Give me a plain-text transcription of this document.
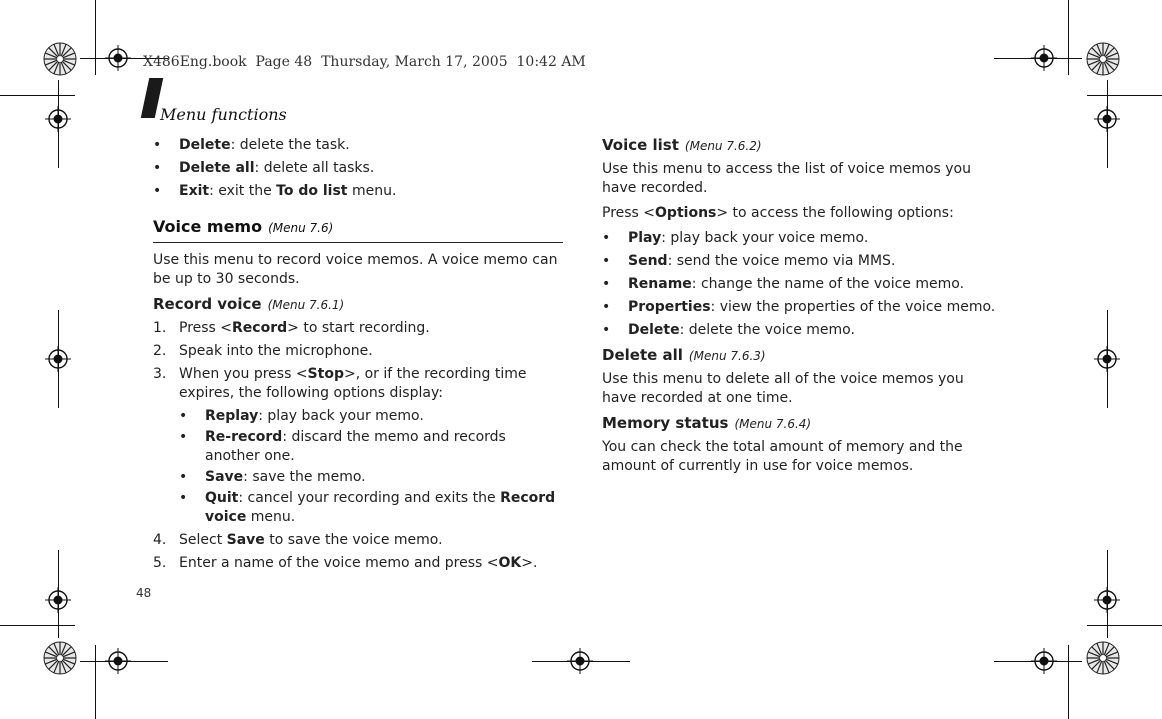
X486Eng.book  Page 48  Thursday, March 17, 2005  10:42 AM
Menu functions
48
• Delete: delete the task.
• Delete all: delete all tasks.
• Exit: exit the To do list menu.
Voice memo (Menu 7.6)

Use this menu to record voice memos. A voice memo can be up to 30 seconds.

Record voice (Menu 7.6.1)
1. Press <Record> to start recording.
2. Speak into the microphone.
3. When you press <Stop>, or if the recording time expires, the following options display:
• Replay: play back your memo.
• Re-record: discard the memo and records another one.
• Save: save the memo.
• Quit: cancel your recording and exits the Record voice menu.
4. Select Save to save the voice memo.
5. Enter a name of the voice memo and press <OK>.
Voice list (Menu 7.6.2)

Use this menu to access the list of voice memos you have recorded.

Press <Options> to access the following options:

• Play: play back your voice memo.
• Send: send the voice memo via MMS.
• Rename: change the name of the voice memo.
• Properties: view the properties of the voice memo.
• Delete: delete the voice memo.
Delete all (Menu 7.6.3)

Use this menu to delete all of the voice memos you have recorded at one time.

Memory status (Menu 7.6.4)

You can check the total amount of memory and the amount of currently in use for voice memos.
